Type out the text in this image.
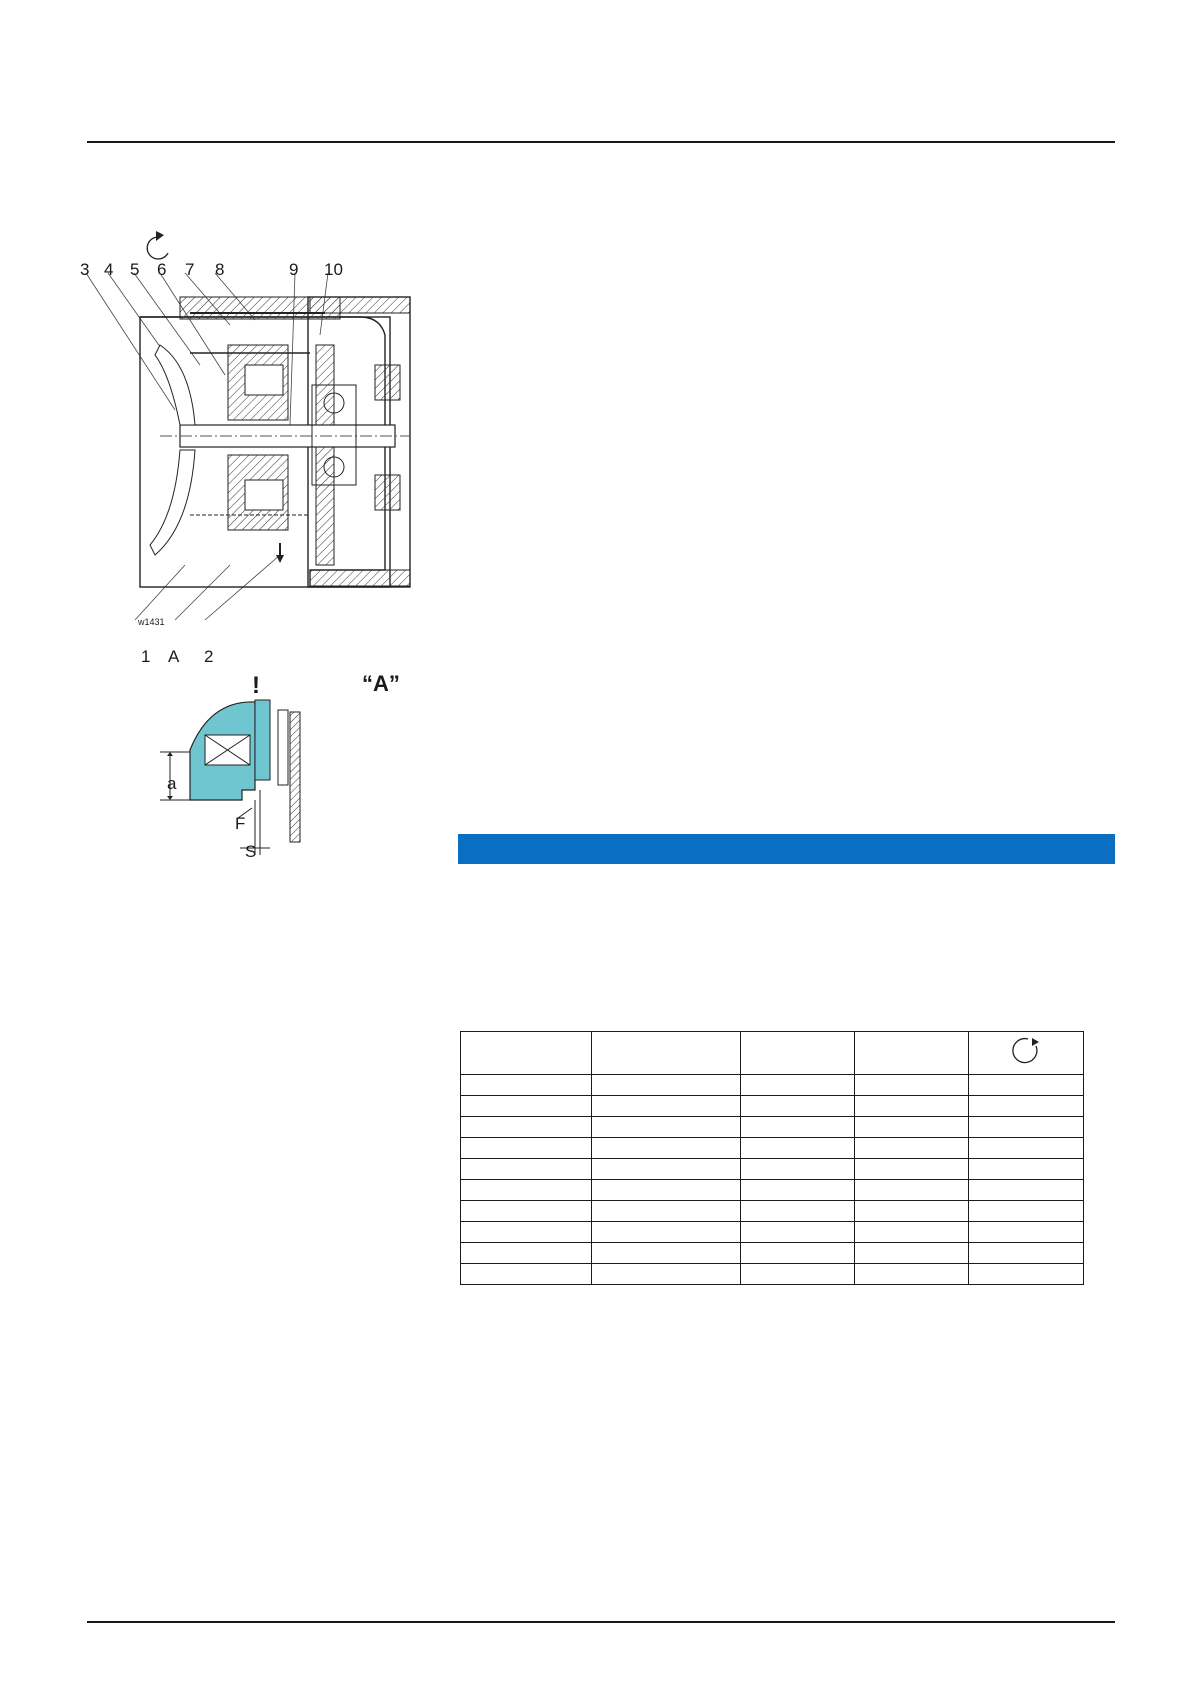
3 4 5 6 7 8	9 10
1 A 2
w1431
“A”
!
a
F
S
